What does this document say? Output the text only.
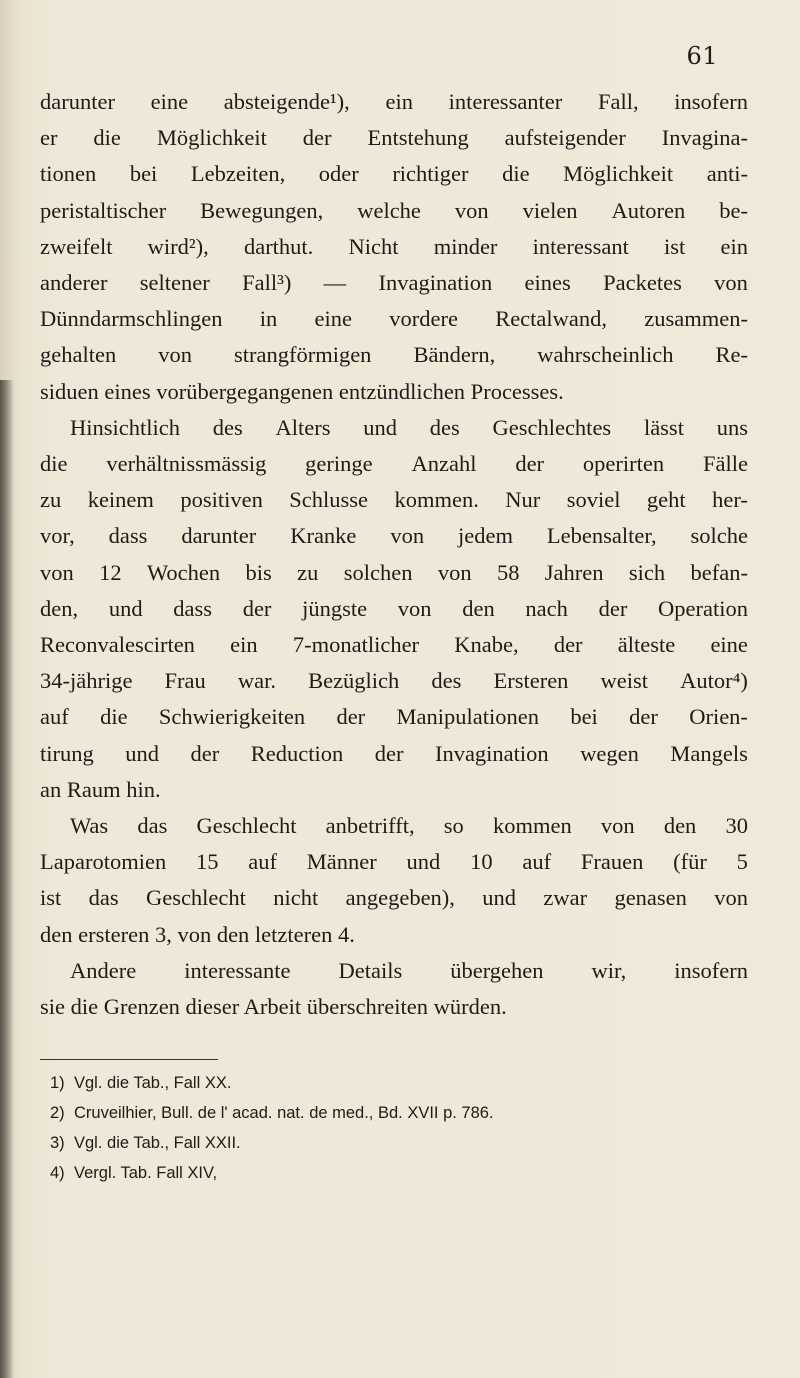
61
darunter eine absteigende¹), ein interessanter Fall, insofern
er die Möglichkeit der Entstehung aufsteigender Invagina-
tionen bei Lebzeiten, oder richtiger die Möglichkeit anti-
peristaltischer Bewegungen, welche von vielen Autoren be-
zweifelt wird²), darthut. Nicht minder interessant ist ein
anderer seltener Fall³) — Invagination eines Packetes von
Dünndarmschlingen in eine vordere Rectalwand, zusammen-
gehalten von strangförmigen Bändern, wahrscheinlich Re-
siduen eines vorübergegangenen entzündlichen Processes.
Hinsichtlich des Alters und des Geschlechtes lässt uns
die verhältnissmässig geringe Anzahl der operirten Fälle
zu keinem positiven Schlusse kommen. Nur soviel geht her-
vor, dass darunter Kranke von jedem Lebensalter, solche
von 12 Wochen bis zu solchen von 58 Jahren sich befan-
den, und dass der jüngste von den nach der Operation
Reconvalescirten ein 7-monatlicher Knabe, der älteste eine
34-jährige Frau war. Bezüglich des Ersteren weist Autor⁴)
auf die Schwierigkeiten der Manipulationen bei der Orien-
tirung und der Reduction der Invagination wegen Mangels
an Raum hin.
Was das Geschlecht anbetrifft, so kommen von den 30
Laparotomien 15 auf Männer und 10 auf Frauen (für 5
ist das Geschlecht nicht angegeben), und zwar genasen von
den ersteren 3, von den letzteren 4.
Andere interessante Details übergehen wir, insofern
sie die Grenzen dieser Arbeit überschreiten würden.
1) Vgl. die Tab., Fall XX.
2) Cruveilhier, Bull. de l' acad. nat. de med., Bd. XVII p. 786.
3) Vgl. die Tab., Fall XXII.
4) Vergl. Tab. Fall XIV,
